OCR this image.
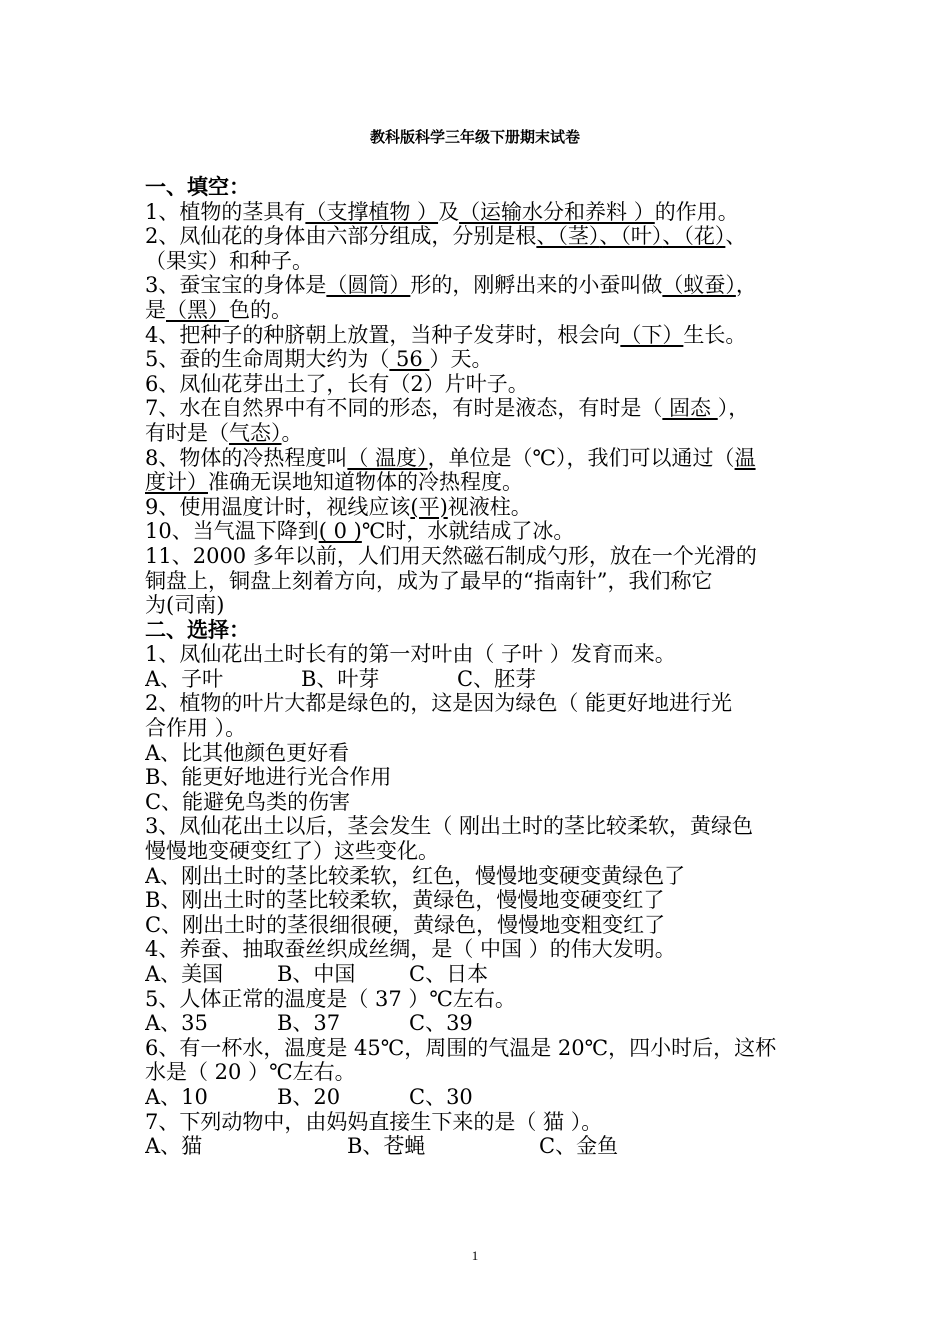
教科版科学三年级下册期末试卷
一、填空：
1、植物的茎具有（支撑植物 ）及（运输水分和养料 ）的作用。
2、凤仙花的身体由六部分组成，分别是根、（茎）、（叶）、（花）、
（果实）和种子。
3、蚕宝宝的身体是（圆筒）形的，刚孵出来的小蚕叫做（蚁蚕），
是（黑）色的。
4、把种子的种脐朝上放置，当种子发芽时，根会向（下）生长。
5、蚕的生命周期大约为（ 56 ）天。
6、凤仙花芽出土了，长有（2）片叶子。
7、水在自然界中有不同的形态，有时是液态，有时是（ 固态 ），
有时是（气态）。
8、物体的冷热程度叫（ 温度），单位是（℃），我们可以通过（温
度计）准确无误地知道物体的冷热程度。
9、使用温度计时，视线应该(平)视液柱。
10、当气温下降到( 0 )℃时，水就结成了冰。
11、2000 多年以前，人们用天然磁石制成勺形，放在一个光滑的
铜盘上，铜盘上刻着方向，成为了最早的“指南针”，我们称它
为(司南)
二、选择：
1、凤仙花出土时长有的第一对叶由（ 子叶 ）发育而来。
A、子叶	B、叶芽	C、胚芽
2、植物的叶片大都是绿色的，这是因为绿色（ 能更好地进行光
合作用 ）。
A、比其他颜色更好看
B、能更好地进行光合作用
C、能避免鸟类的伤害
3、凤仙花出土以后，茎会发生（ 刚出土时的茎比较柔软，黄绿色
慢慢地变硬变红了）这些变化。
A、刚出土时的茎比较柔软，红色，慢慢地变硬变黄绿色了
B、刚出土时的茎比较柔软，黄绿色，慢慢地变硬变红了
C、刚出土时的茎很细很硬，黄绿色，慢慢地变粗变红了
4、养蚕、抽取蚕丝织成丝绸，是（ 中国 ）的伟大发明。
A、美国	B、中国	C、日本
5、人体正常的温度是（ 37 ）℃左右。
A、35	B、37	C、39
6、有一杯水，温度是 45℃，周围的气温是 20℃，四小时后，这杯
水是（ 20 ）℃左右。
A、10	B、20	C、30
7、下列动物中，由妈妈直接生下来的是（ 猫 ）。
A、猫	B、苍蝇	C、金鱼
1
